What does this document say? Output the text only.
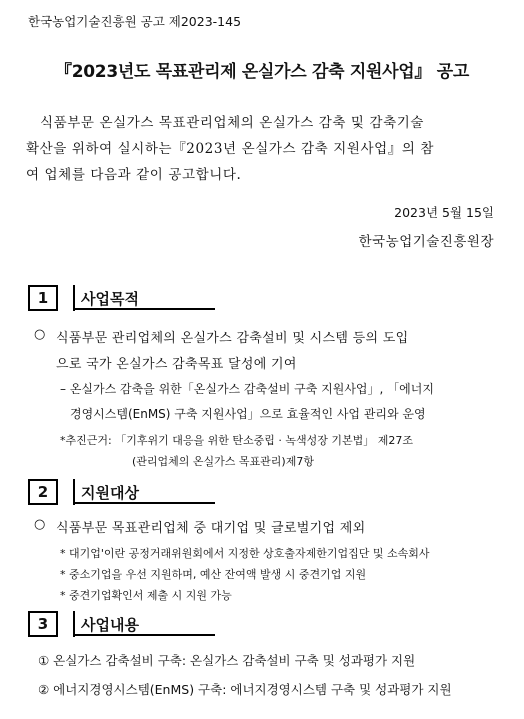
한국농업기술진흥원 공고 제2023-145
『2023년도 목표관리제 온실가스 감축 지원사업』 공고
식품부문 온실가스 목표관리업체의 온실가스 감축 및 감축기술
확산을 위하여 실시하는『2023년 온실가스 감축 지원사업』의 참
여 업체를 다음과 같이 공고합니다.
2023년 5월 15일
한국농업기술진흥원장
1	사업목적
○ 식품부문 관리업체의 온실가스 감축설비 및 시스템 등의 도입
으로 국가 온실가스 감축목표 달성에 기여
– 온실가스 감축을 위한「온실가스 감축설비 구축 지원사업」, 「에너지
경영시스템(EnMS) 구축 지원사업」으로 효율적인 사업 관리와 운영
*추진근거: 「기후위기 대응을 위한 탄소중립 · 녹색성장 기본법」 제27조
(관리업체의 온실가스 목표관리)제7항
2	지원대상
○ 식품부문 목표관리업체 중 대기업 및 글로벌기업 제외
* 대기업'이란 공정거래위원회에서 지정한 상호출자제한기업집단 및 소속회사
* 중소기업을 우선 지원하며, 예산 잔여액 발생 시 중견기업 지원
* 중견기업확인서 제출 시 지원 가능
3	사업내용
① 온실가스 감축설비 구축: 온실가스 감축설비 구축 및 성과평가 지원
② 에너지경영시스템(EnMS) 구축: 에너지경영시스템 구축 및 성과평가 지원
